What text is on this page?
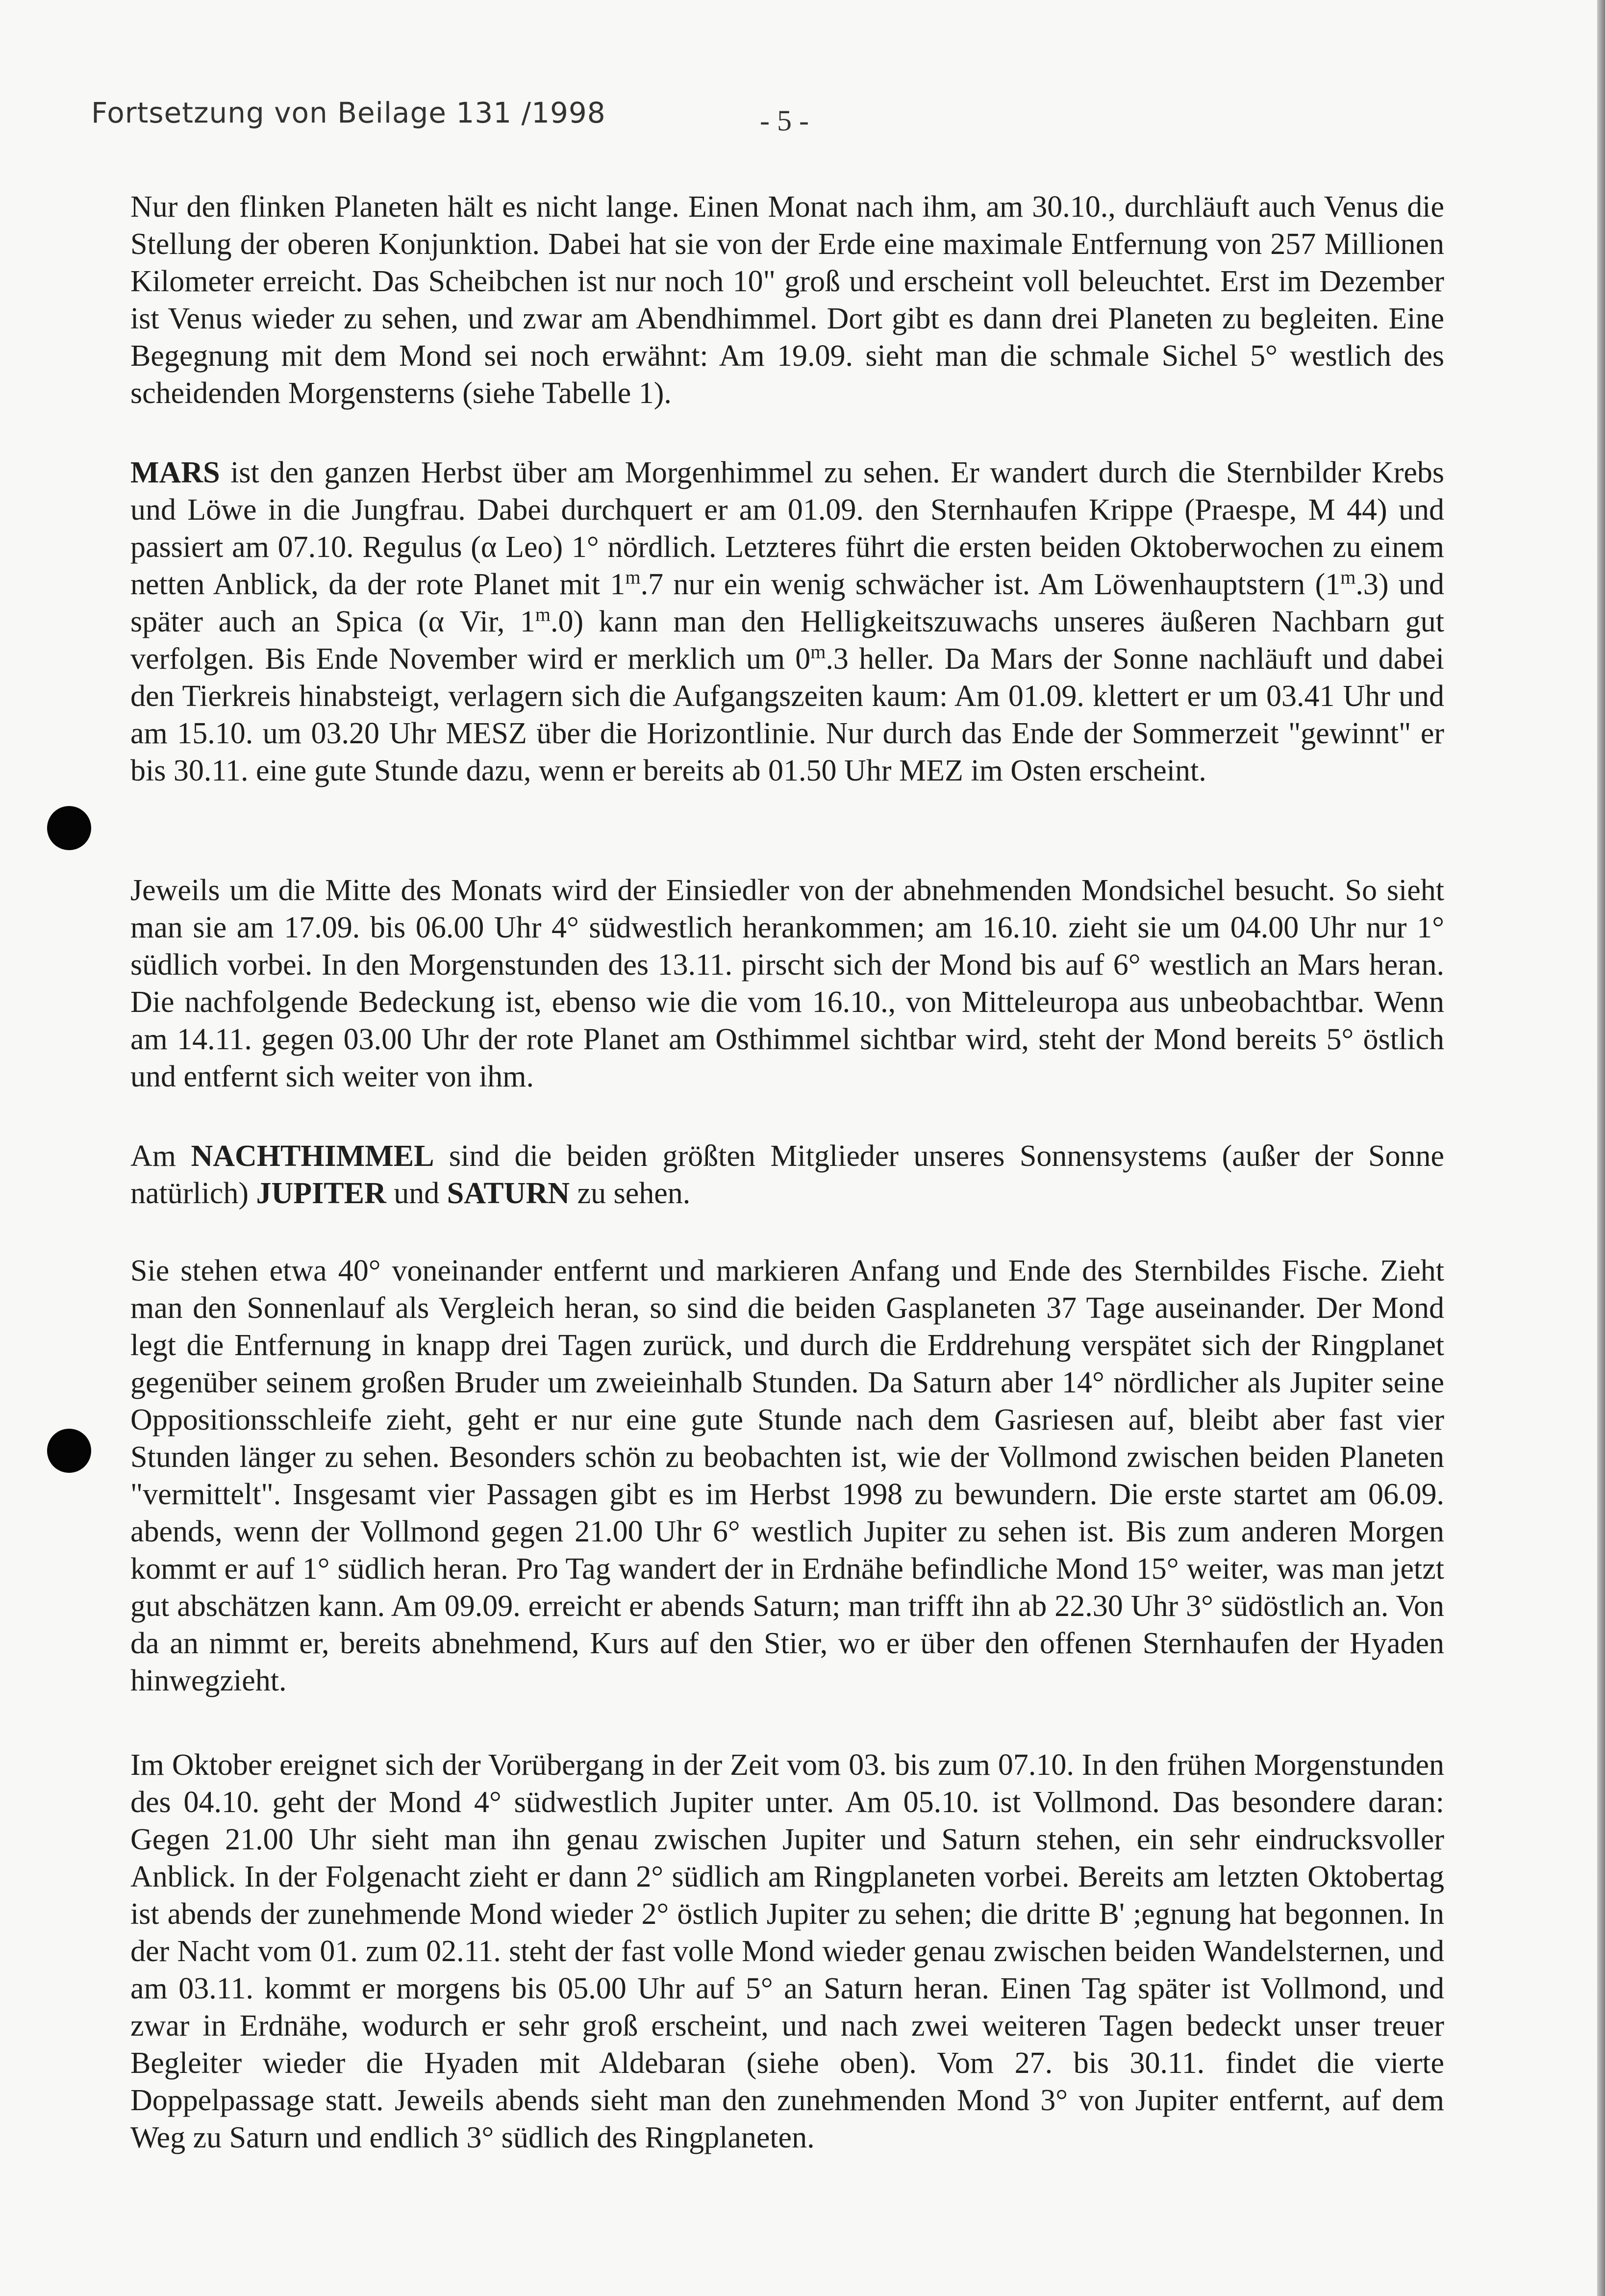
Fortsetzung von Beilage 131 /1998	- 5 -

Nur den flinken Planeten hält es nicht lange. Einen Monat nach ihm, am 30.10., durchläuft auch Venus die Stellung der oberen Konjunktion. Dabei hat sie von der Erde eine maximale Entfernung von 257 Millionen Kilometer erreicht. Das Scheibchen ist nur noch 10" groß und erscheint voll beleuchtet. Erst im Dezember ist Venus wieder zu sehen, und zwar am Abendhimmel. Dort gibt es dann drei Planeten zu begleiten. Eine Begegnung mit dem Mond sei noch erwähnt: Am 19.09. sieht man die schmale Sichel 5° westlich des scheidenden Morgensterns (siehe Tabelle 1).

MARS ist den ganzen Herbst über am Morgenhimmel zu sehen. Er wandert durch die Sternbilder Krebs und Löwe in die Jungfrau. Dabei durchquert er am 01.09. den Sternhaufen Krippe (Praespe, M 44) und passiert am 07.10. Regulus (α Leo) 1° nördlich. Letzteres führt die ersten beiden Oktoberwochen zu einem netten Anblick, da der rote Planet mit 1$^m$.7 nur ein wenig schwächer ist. Am Löwenhauptstern (1$^m$.3) und später auch an Spica (α Vir, 1$^m$.0) kann man den Helligkeitszuwachs unseres äußeren Nachbarn gut verfolgen. Bis Ende November wird er merklich um 0$^m$.3 heller. Da Mars der Sonne nachläuft und dabei den Tierkreis hinabsteigt, verlagern sich die Aufgangszeiten kaum: Am 01.09. klettert er um 03.41 Uhr und am 15.10. um 03.20 Uhr MESZ über die Horizontlinie. Nur durch das Ende der Sommerzeit "gewinnt" er bis 30.11. eine gute Stunde dazu, wenn er bereits ab 01.50 Uhr MEZ im Osten erscheint.

Jeweils um die Mitte des Monats wird der Einsiedler von der abnehmenden Mondsichel besucht. So sieht man sie am 17.09. bis 06.00 Uhr 4° südwestlich herankommen; am 16.10. zieht sie um 04.00 Uhr nur 1° südlich vorbei. In den Morgenstunden des 13.11. pirscht sich der Mond bis auf 6° westlich an Mars heran. Die nachfolgende Bedeckung ist, ebenso wie die vom 16.10., von Mitteleuropa aus unbeobachtbar. Wenn am 14.11. gegen 03.00 Uhr der rote Planet am Osthimmel sichtbar wird, steht der Mond bereits 5° östlich und entfernt sich weiter von ihm.

Am NACHTHIMMEL sind die beiden größten Mitglieder unseres Sonnensystems (außer der Sonne natürlich) JUPITER und SATURN zu sehen.

Sie stehen etwa 40° voneinander entfernt und markieren Anfang und Ende des Sternbildes Fische. Zieht man den Sonnenlauf als Vergleich heran, so sind die beiden Gasplaneten 37 Tage auseinander. Der Mond legt die Entfernung in knapp drei Tagen zurück, und durch die Erddrehung verspätet sich der Ringplanet gegenüber seinem großen Bruder um zweieinhalb Stunden. Da Saturn aber 14° nördlicher als Jupiter seine Oppositionsschleife zieht, geht er nur eine gute Stunde nach dem Gasriesen auf, bleibt aber fast vier Stunden länger zu sehen. Besonders schön zu beobachten ist, wie der Vollmond zwischen beiden Planeten "vermittelt". Insgesamt vier Passagen gibt es im Herbst 1998 zu bewundern. Die erste startet am 06.09. abends, wenn der Vollmond gegen 21.00 Uhr 6° westlich Jupiter zu sehen ist. Bis zum anderen Morgen kommt er auf 1° südlich heran. Pro Tag wandert der in Erdnähe befindliche Mond 15° weiter, was man jetzt gut abschätzen kann. Am 09.09. erreicht er abends Saturn; man trifft ihn ab 22.30 Uhr 3° südöstlich an. Von da an nimmt er, bereits abnehmend, Kurs auf den Stier, wo er über den offenen Sternhaufen der Hyaden hinwegzieht.

Im Oktober ereignet sich der Vorübergang in der Zeit vom 03. bis zum 07.10. In den frühen Morgenstunden des 04.10. geht der Mond 4° südwestlich Jupiter unter. Am 05.10. ist Vollmond. Das besondere daran: Gegen 21.00 Uhr sieht man ihn genau zwischen Jupiter und Saturn stehen, ein sehr eindrucksvoller Anblick. In der Folgenacht zieht er dann 2° südlich am Ringplaneten vorbei. Bereits am letzten Oktobertag ist abends der zunehmende Mond wieder 2° östlich Jupiter zu sehen; die dritte B' ;egnung hat begonnen. In der Nacht vom 01. zum 02.11. steht der fast volle Mond wieder genau zwischen beiden Wandelsternen, und am 03.11. kommt er morgens bis 05.00 Uhr auf 5° an Saturn heran. Einen Tag später ist Vollmond, und zwar in Erdnähe, wodurch er sehr groß erscheint, und nach zwei weiteren Tagen bedeckt unser treuer Begleiter wieder die Hyaden mit Aldebaran (siehe oben). Vom 27. bis 30.11. findet die vierte Doppelpassage statt. Jeweils abends sieht man den zunehmenden Mond 3° von Jupiter entfernt, auf dem Weg zu Saturn und endlich 3° südlich des Ringplaneten.
